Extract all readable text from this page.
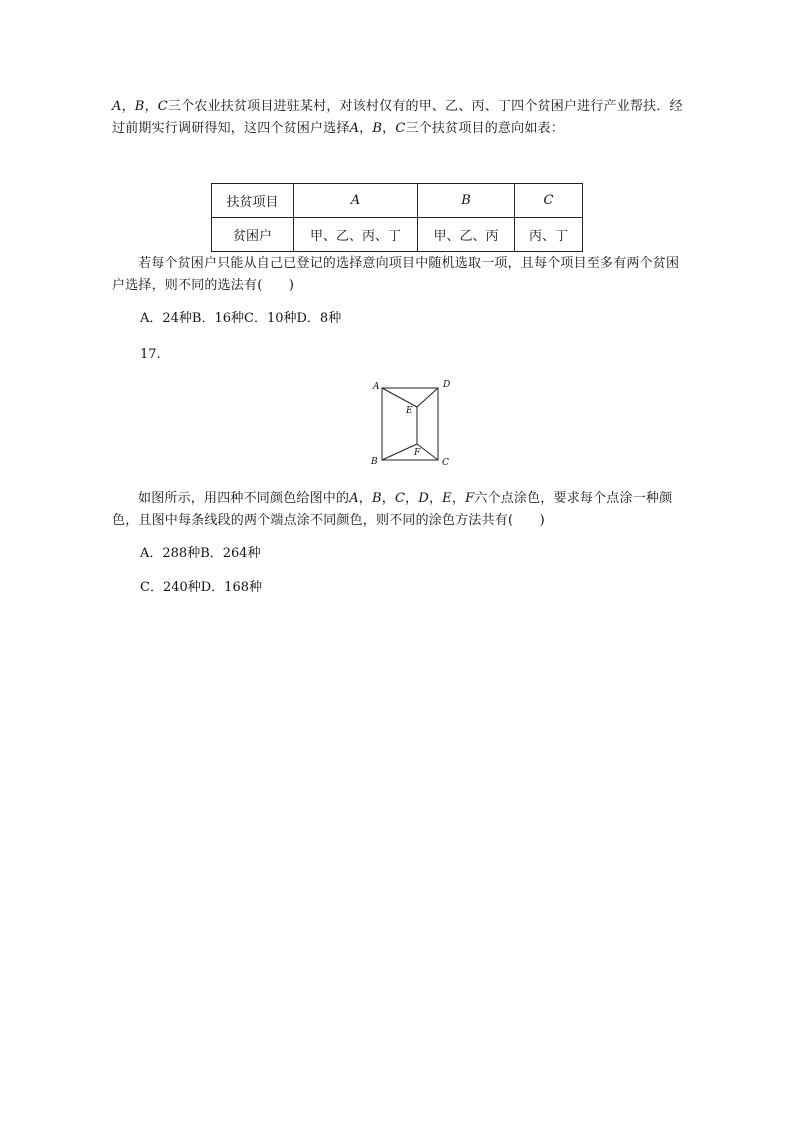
A，B，C三个农业扶贫项目进驻某村，对该村仅有的甲、乙、丙、丁四个贫困户进行产业帮扶．经过前期实行调研得知，这四个贫困户选择A，B，C三个扶贫项目的意向如表：

扶贫项目	A	B	C
贫困户	甲、乙、丙、丁	甲、乙、丙	丙、丁

若每个贫困户只能从自己已登记的选择意向项目中随机选取一项，且每个项目至多有两个贫困户选择，则不同的选法有(　　)

A．24种B．16种C．10种D．8种

17.

A	D
E
F
B	C

如图所示，用四种不同颜色给图中的A，B，C，D，E，F六个点涂色，要求每个点涂一种颜色，且图中每条线段的两个端点涂不同颜色，则不同的涂色方法共有(　　)

A．288种B．264种

C．240种D．168种
